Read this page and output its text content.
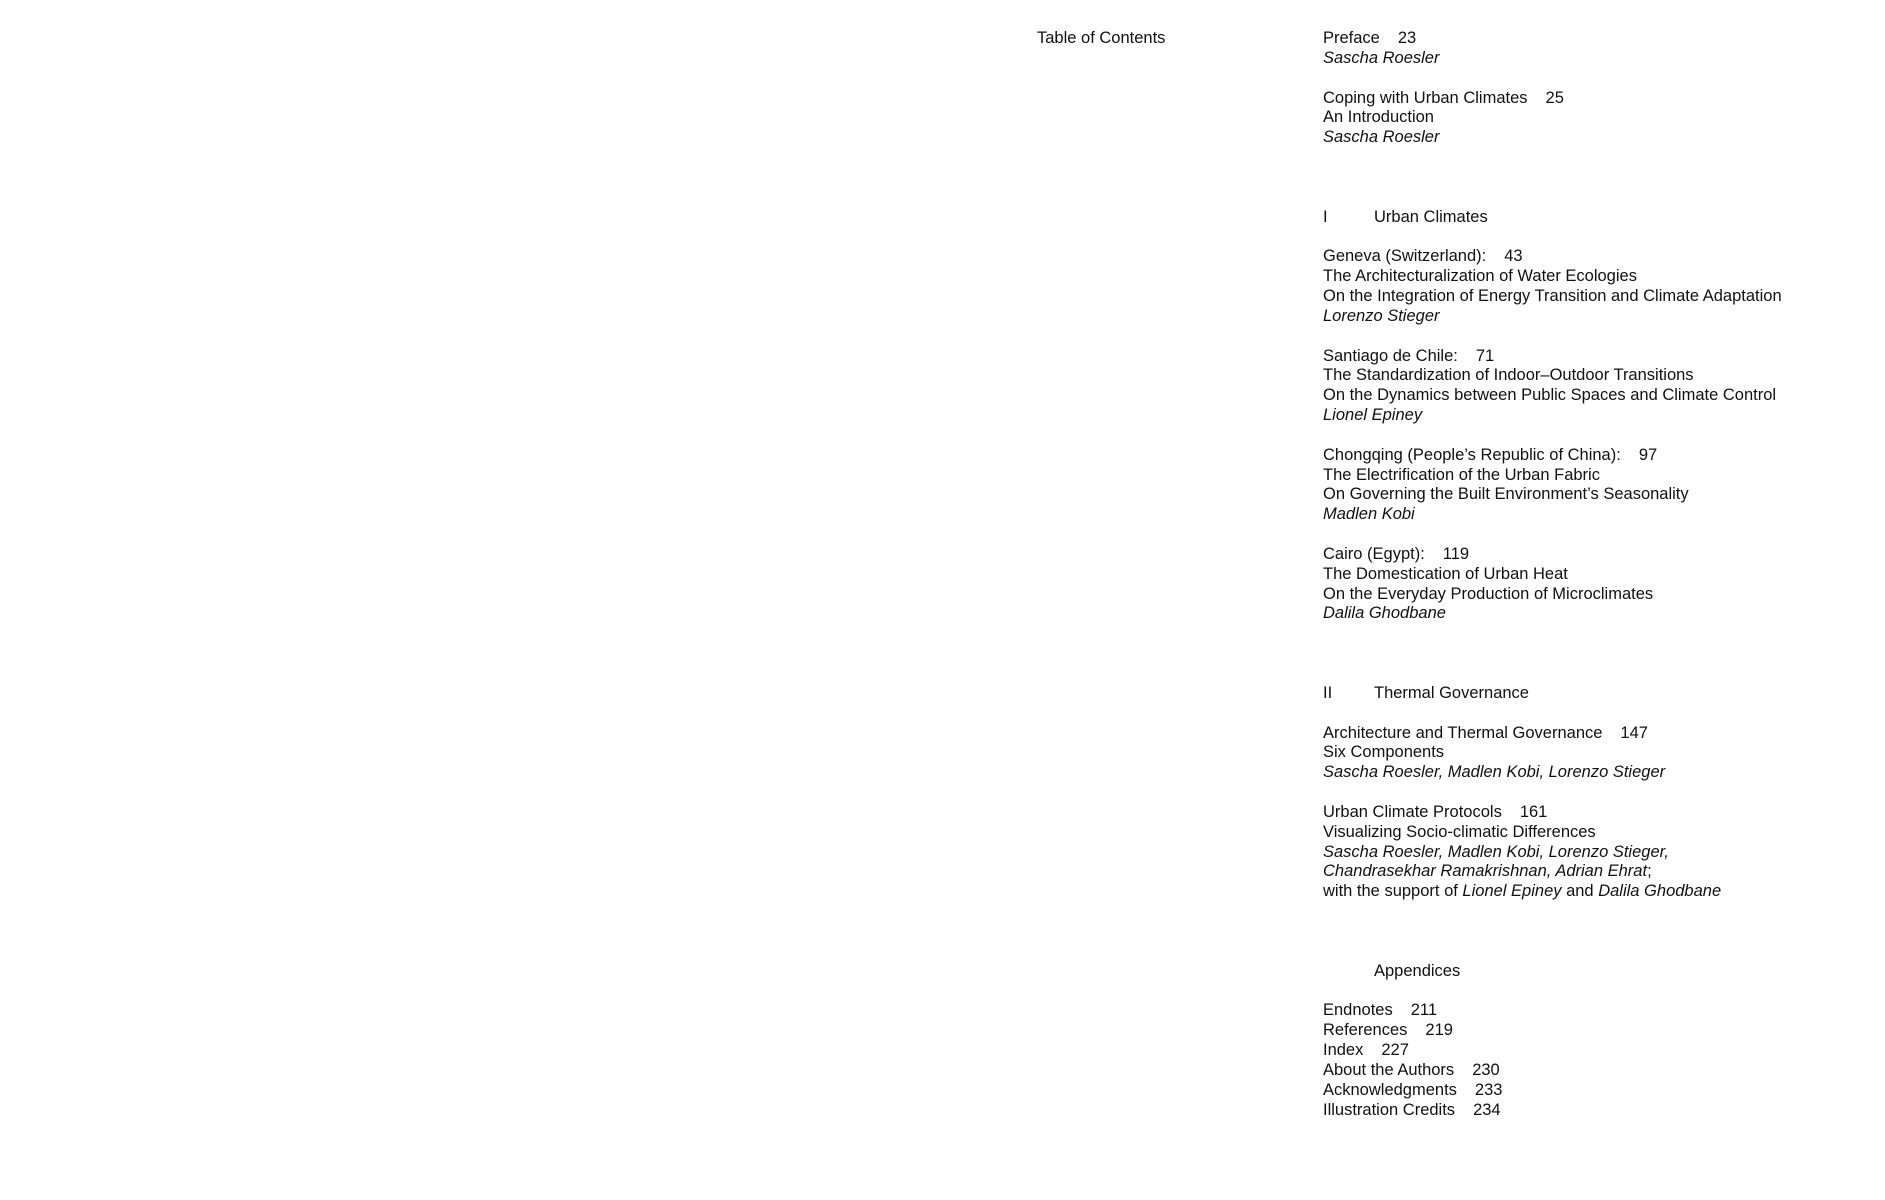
Table of Contents	Preface 23
Sascha Roesler
Coping with Urban Climates 25
An Introduction
Sascha Roesler
I	Urban Climates
Geneva (Switzerland): 43
The Architecturalization of Water Ecologies
On the Integration of Energy Transition and Climate Adaptation
Lorenzo Stieger
Santiago de Chile: 71
The Standardization of Indoor–Outdoor Transitions
On the Dynamics between Public Spaces and Climate Control
Lionel Epiney
Chongqing (People’s Republic of China): 97
The Electrification of the Urban Fabric
On Governing the Built Environment’s Seasonality
Madlen Kobi
Cairo (Egypt): 119
The Domestication of Urban Heat
On the Everyday Production of Microclimates
Dalila Ghodbane
II	Thermal Governance
Architecture and Thermal Governance 147
Six Components
Sascha Roesler, Madlen Kobi, Lorenzo Stieger
Urban Climate Protocols 161
Visualizing Socio-climatic Differences
Sascha Roesler, Madlen Kobi, Lorenzo Stieger,
Chandrasekhar Ramakrishnan, Adrian Ehrat;
with the support of Lionel Epiney and Dalila Ghodbane
Appendices
Endnotes 211
References 219
Index 227
About the Authors 230
Acknowledgments 233
Illustration Credits 234
